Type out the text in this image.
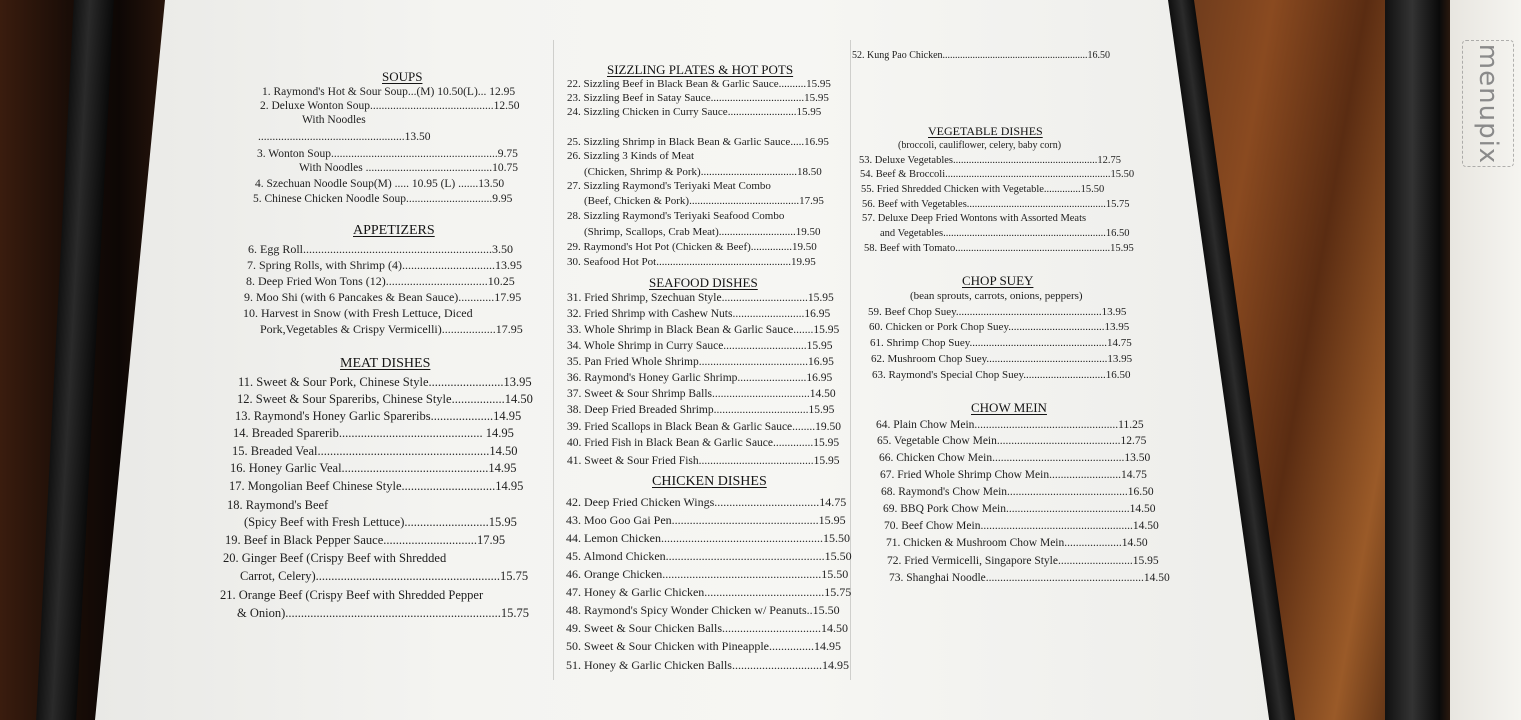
menupix
SOUPS
1. Raymond's Hot & Sour Soup...(M) 10.50(L)... 12.95
2. Deluxe Wonton Soup...........................................12.50
With Noodles
...................................................13.50
3. Wonton Soup..........................................................9.75
With Noodles ............................................10.75
4. Szechuan Noodle Soup(M) ..... 10.95 (L) .......13.50
5. Chinese Chicken Noodle Soup..............................9.95
APPETIZERS
6. Egg Roll...............................................................3.50
7. Spring Rolls, with Shrimp (4)...............................13.95
8. Deep Fried Won Tons (12)..................................10.25
9. Moo Shi (with 6 Pancakes & Bean Sauce)............17.95
10. Harvest in Snow (with Fresh Lettuce, Diced
Pork,Vegetables & Crispy Vermicelli)..................17.95
MEAT DISHES
11. Sweet & Sour Pork, Chinese Style........................13.95
12. Sweet & Sour Spareribs, Chinese Style.................14.50
13. Raymond's Honey Garlic Spareribs....................14.95
14. Breaded Sparerib.............................................. 14.95
15. Breaded Veal.......................................................14.50
16. Honey Garlic Veal...............................................14.95
17. Mongolian Beef Chinese Style..............................14.95
18. Raymond's Beef
(Spicy Beef with Fresh Lettuce)...........................15.95
19. Beef in Black Pepper Sauce..............................17.95
20. Ginger Beef (Crispy Beef with Shredded
Carrot, Celery)...........................................................15.75
21. Orange Beef (Crispy Beef with Shredded Pepper
& Onion).....................................................................15.75
SIZZLING PLATES & HOT POTS
22. Sizzling Beef in Black Bean & Garlic Sauce..........15.95
23. Sizzling Beef in Satay Sauce..................................15.95
24. Sizzling Chicken in Curry Sauce.........................15.95
25. Sizzling Shrimp in Black Bean & Garlic Sauce.....16.95
26. Sizzling 3 Kinds of Meat
(Chicken, Shrimp & Pork)...................................18.50
27. Sizzling Raymond's Teriyaki Meat Combo
(Beef, Chicken & Pork)........................................17.95
28. Sizzling Raymond's Teriyaki Seafood Combo
(Shrimp, Scallops, Crab Meat)............................19.50
29. Raymond's Hot Pot (Chicken & Beef)...............19.50
30. Seafood Hot Pot.................................................19.95
SEAFOOD DISHES
31. Fried Shrimp, Szechuan Style..............................15.95
32. Fried Shrimp with Cashew Nuts.........................16.95
33. Whole Shrimp in Black Bean & Garlic Sauce.......15.95
34. Whole Shrimp in Curry Sauce.............................15.95
35. Pan Fried Whole Shrimp......................................16.95
36. Raymond's Honey Garlic Shrimp........................16.95
37. Sweet & Sour Shrimp Balls..................................14.50
38. Deep Fried Breaded Shrimp.................................15.95
39. Fried Scallops in Black Bean & Garlic Sauce........19.50
40. Fried Fish in Black Bean & Garlic Sauce..............15.95
41. Sweet & Sour Fried Fish........................................15.95
CHICKEN DISHES
42. Deep Fried Chicken Wings...................................14.75
43. Moo Goo Gai Pen.................................................15.95
44. Lemon Chicken......................................................15.50
45. Almond Chicken.....................................................15.50
46. Orange Chicken.....................................................15.50
47. Honey & Garlic Chicken........................................15.75
48. Raymond's Spicy Wonder Chicken w/ Peanuts..15.50
49. Sweet & Sour Chicken Balls.................................14.50
50. Sweet & Sour Chicken with Pineapple...............14.95
51. Honey & Garlic Chicken Balls..............................14.95
52. Kung Pao Chicken..........................................................16.50
VEGETABLE DISHES
(broccoli, cauliflower, celery, baby corn)
53. Deluxe Vegetables.......................................................12.75
54. Beef & Broccoli...............................................................15.50
55. Fried Shredded Chicken with Vegetable..............15.50
56. Beef with Vegetables.....................................................15.75
57. Deluxe Deep Fried Wontons with Assorted Meats
and Vegetables..............................................................16.50
58. Beef with Tomato...........................................................15.95
CHOP SUEY
(bean sprouts, carrots, onions, peppers)
59. Beef Chop Suey.....................................................13.95
60. Chicken or Pork Chop Suey...................................13.95
61. Shrimp Chop Suey..................................................14.75
62. Mushroom Chop Suey............................................13.95
63. Raymond's Special Chop Suey..............................16.50
CHOW MEIN
64. Plain Chow Mein..................................................11.25
65. Vegetable Chow Mein...........................................12.75
66. Chicken Chow Mein..............................................13.50
67. Fried Whole Shrimp Chow Mein.........................14.75
68. Raymond's Chow Mein..........................................16.50
69. BBQ Pork Chow Mein...........................................14.50
70. Beef Chow Mein.....................................................14.50
71. Chicken & Mushroom Chow Mein....................14.50
72. Fried Vermicelli, Singapore Style..........................15.95
73. Shanghai Noodle.......................................................14.50
